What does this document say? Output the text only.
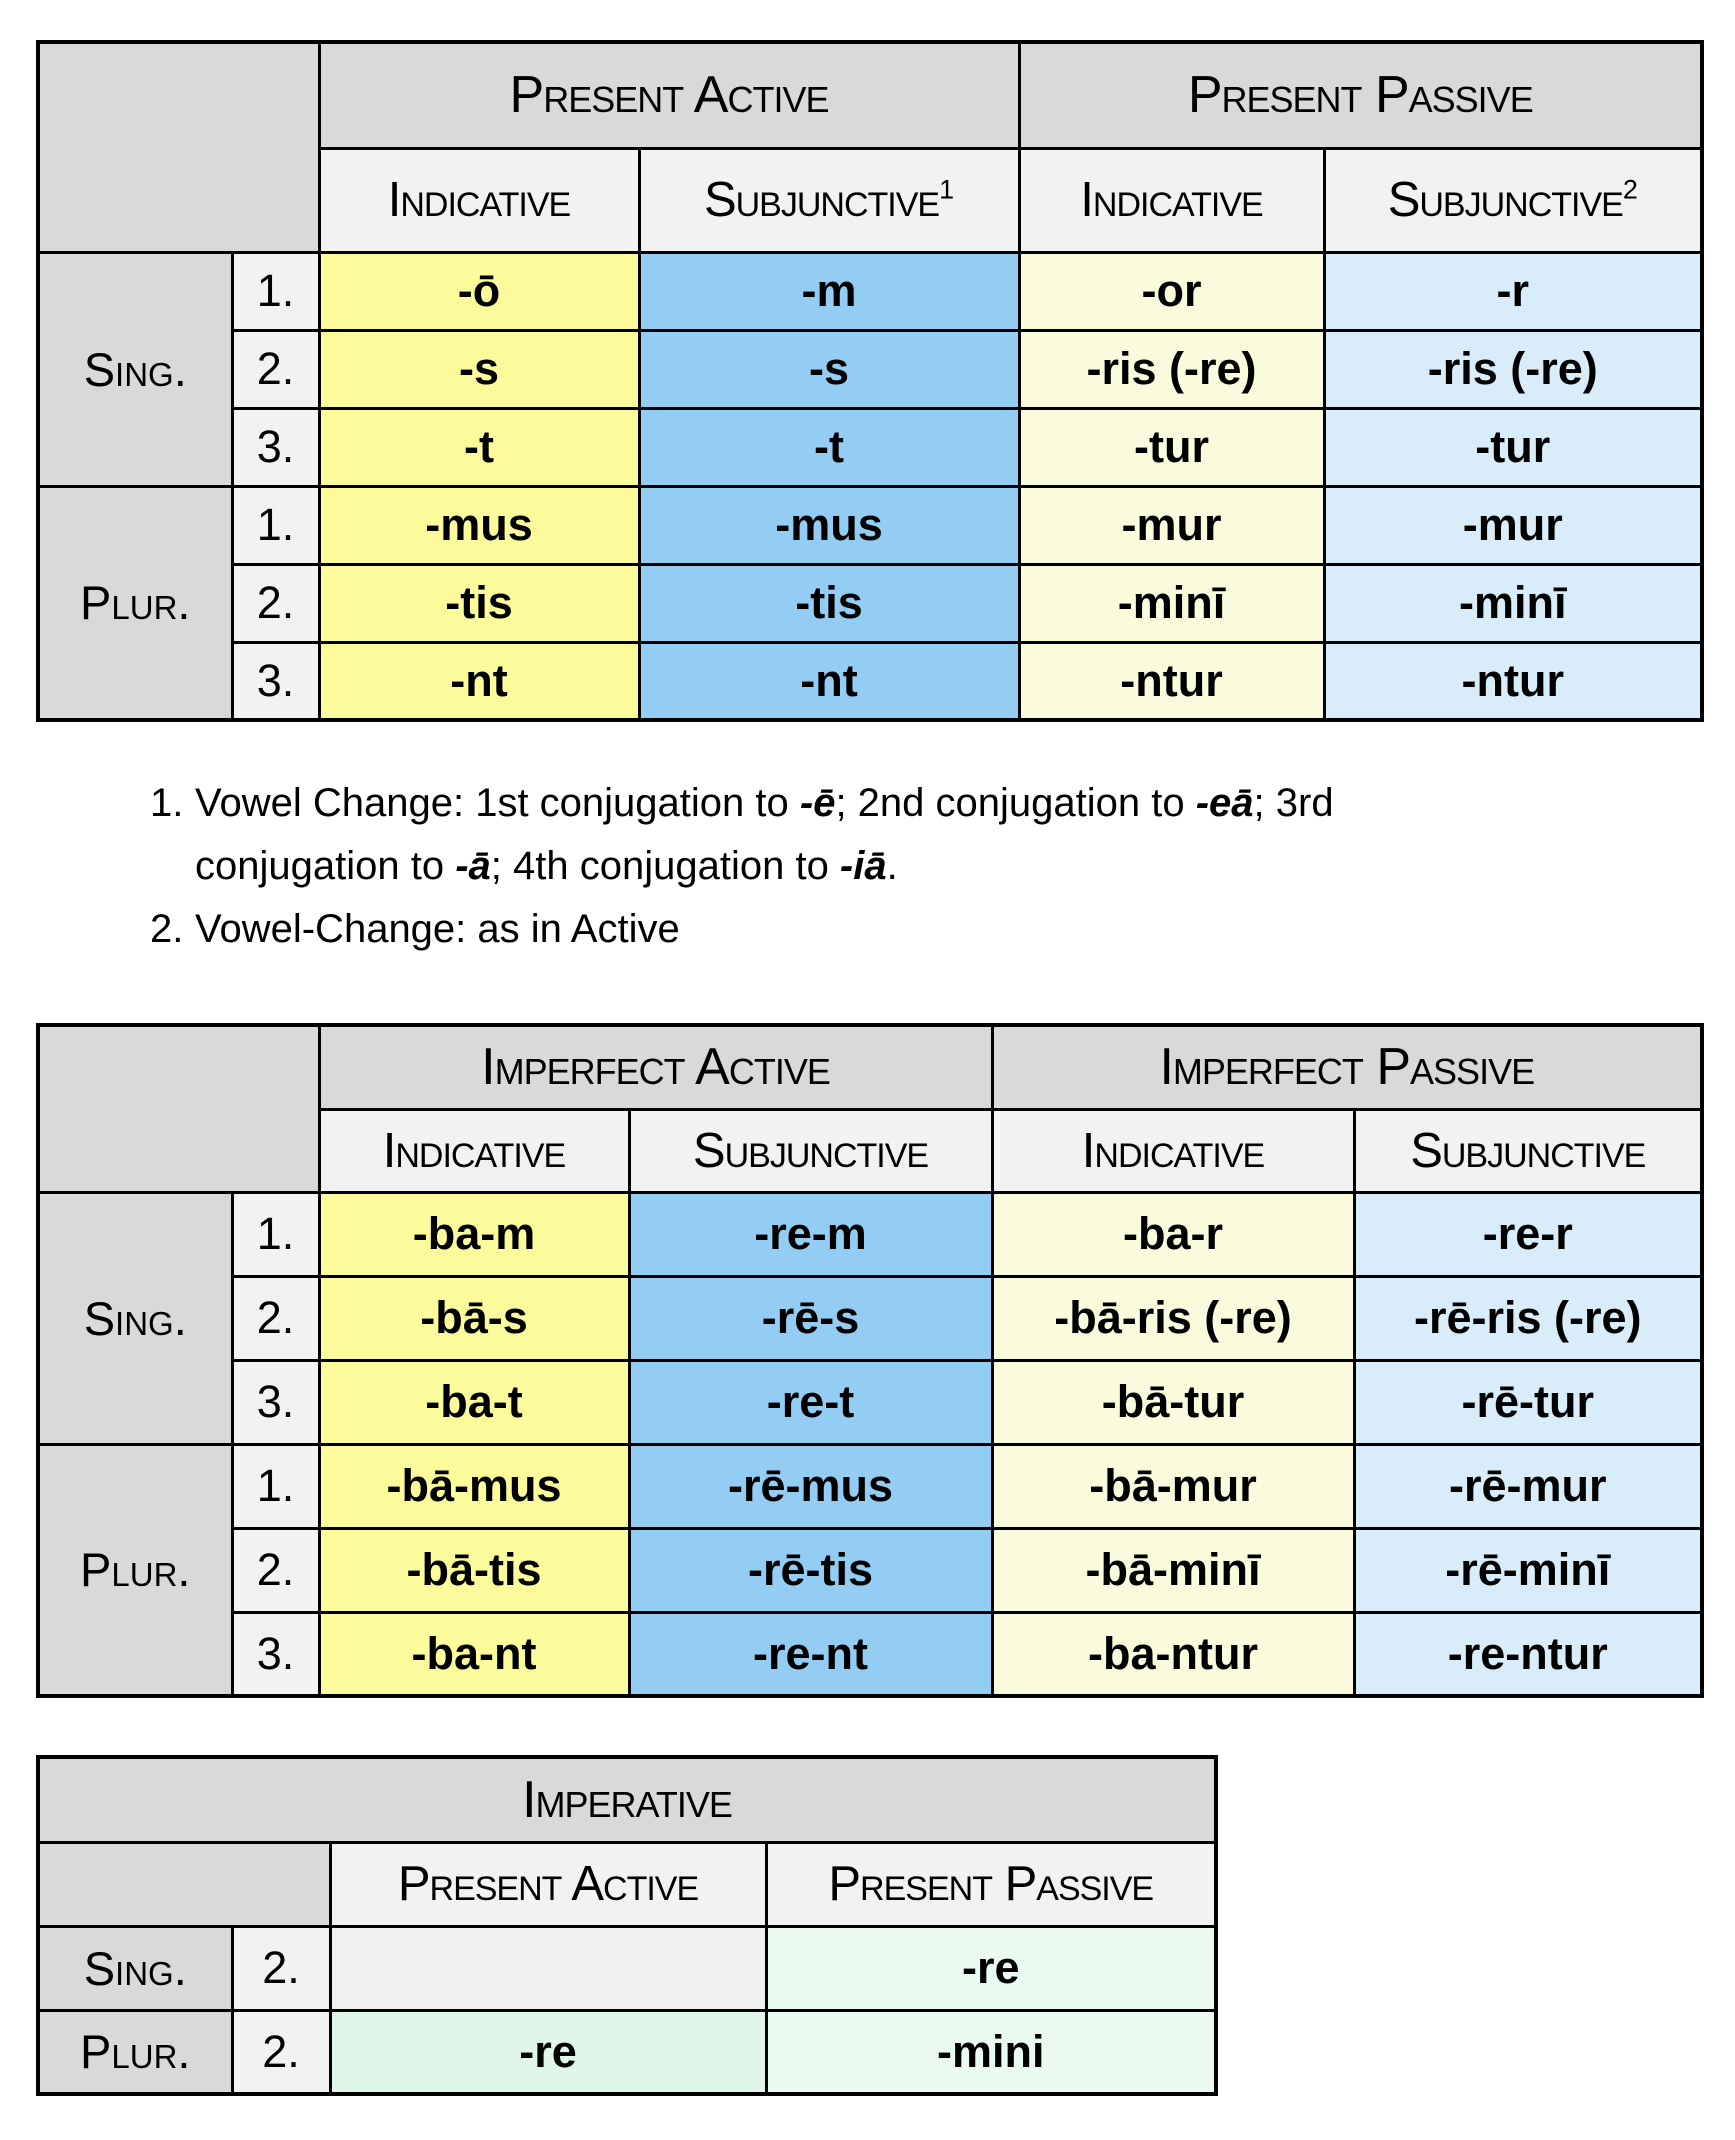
		Present Active		Present Passive	
		Indicative	Subjunctive$^1$	Indicative	Subjunctive$^2$
Sing.	1.	-ō	-m	-or	-r
	2.	-s	-s	-ris (-re)	-ris (-re)
	3.	-t	-t	-tur	-tur
Plur.	1.	-mus	-mus	-mur	-mur
	2.	-tis	-tis	-minī	-minī
	3.	-nt	-nt	-ntur	-ntur
1. Vowel Change: 1st conjugation to -ē; 2nd conjugation to -eā; 3rd conjugation to -ā; 4th conjugation to -iā.
2. Vowel-Change: as in Active
		Imperfect Active		Imperfect Passive	
		Indicative	Subjunctive	Indicative	Subjunctive
Sing.	1.	-ba-m	-re-m	-ba-r	-re-r
	2.	-bā-s	-rē-s	-bā-ris (-re)	-rē-ris (-re)
	3.	-ba-t	-re-t	-bā-tur	-rē-tur
Plur.	1.	-bā-mus	-rē-mus	-bā-mur	-rē-mur
	2.	-bā-tis	-rē-tis	-bā-minī	-rē-minī
	3.	-ba-nt	-re-nt	-ba-ntur	-re-ntur
Imperative			
		Present Active	Present Passive
Sing.	2.		-re
Plur.	2.	-re	-mini
